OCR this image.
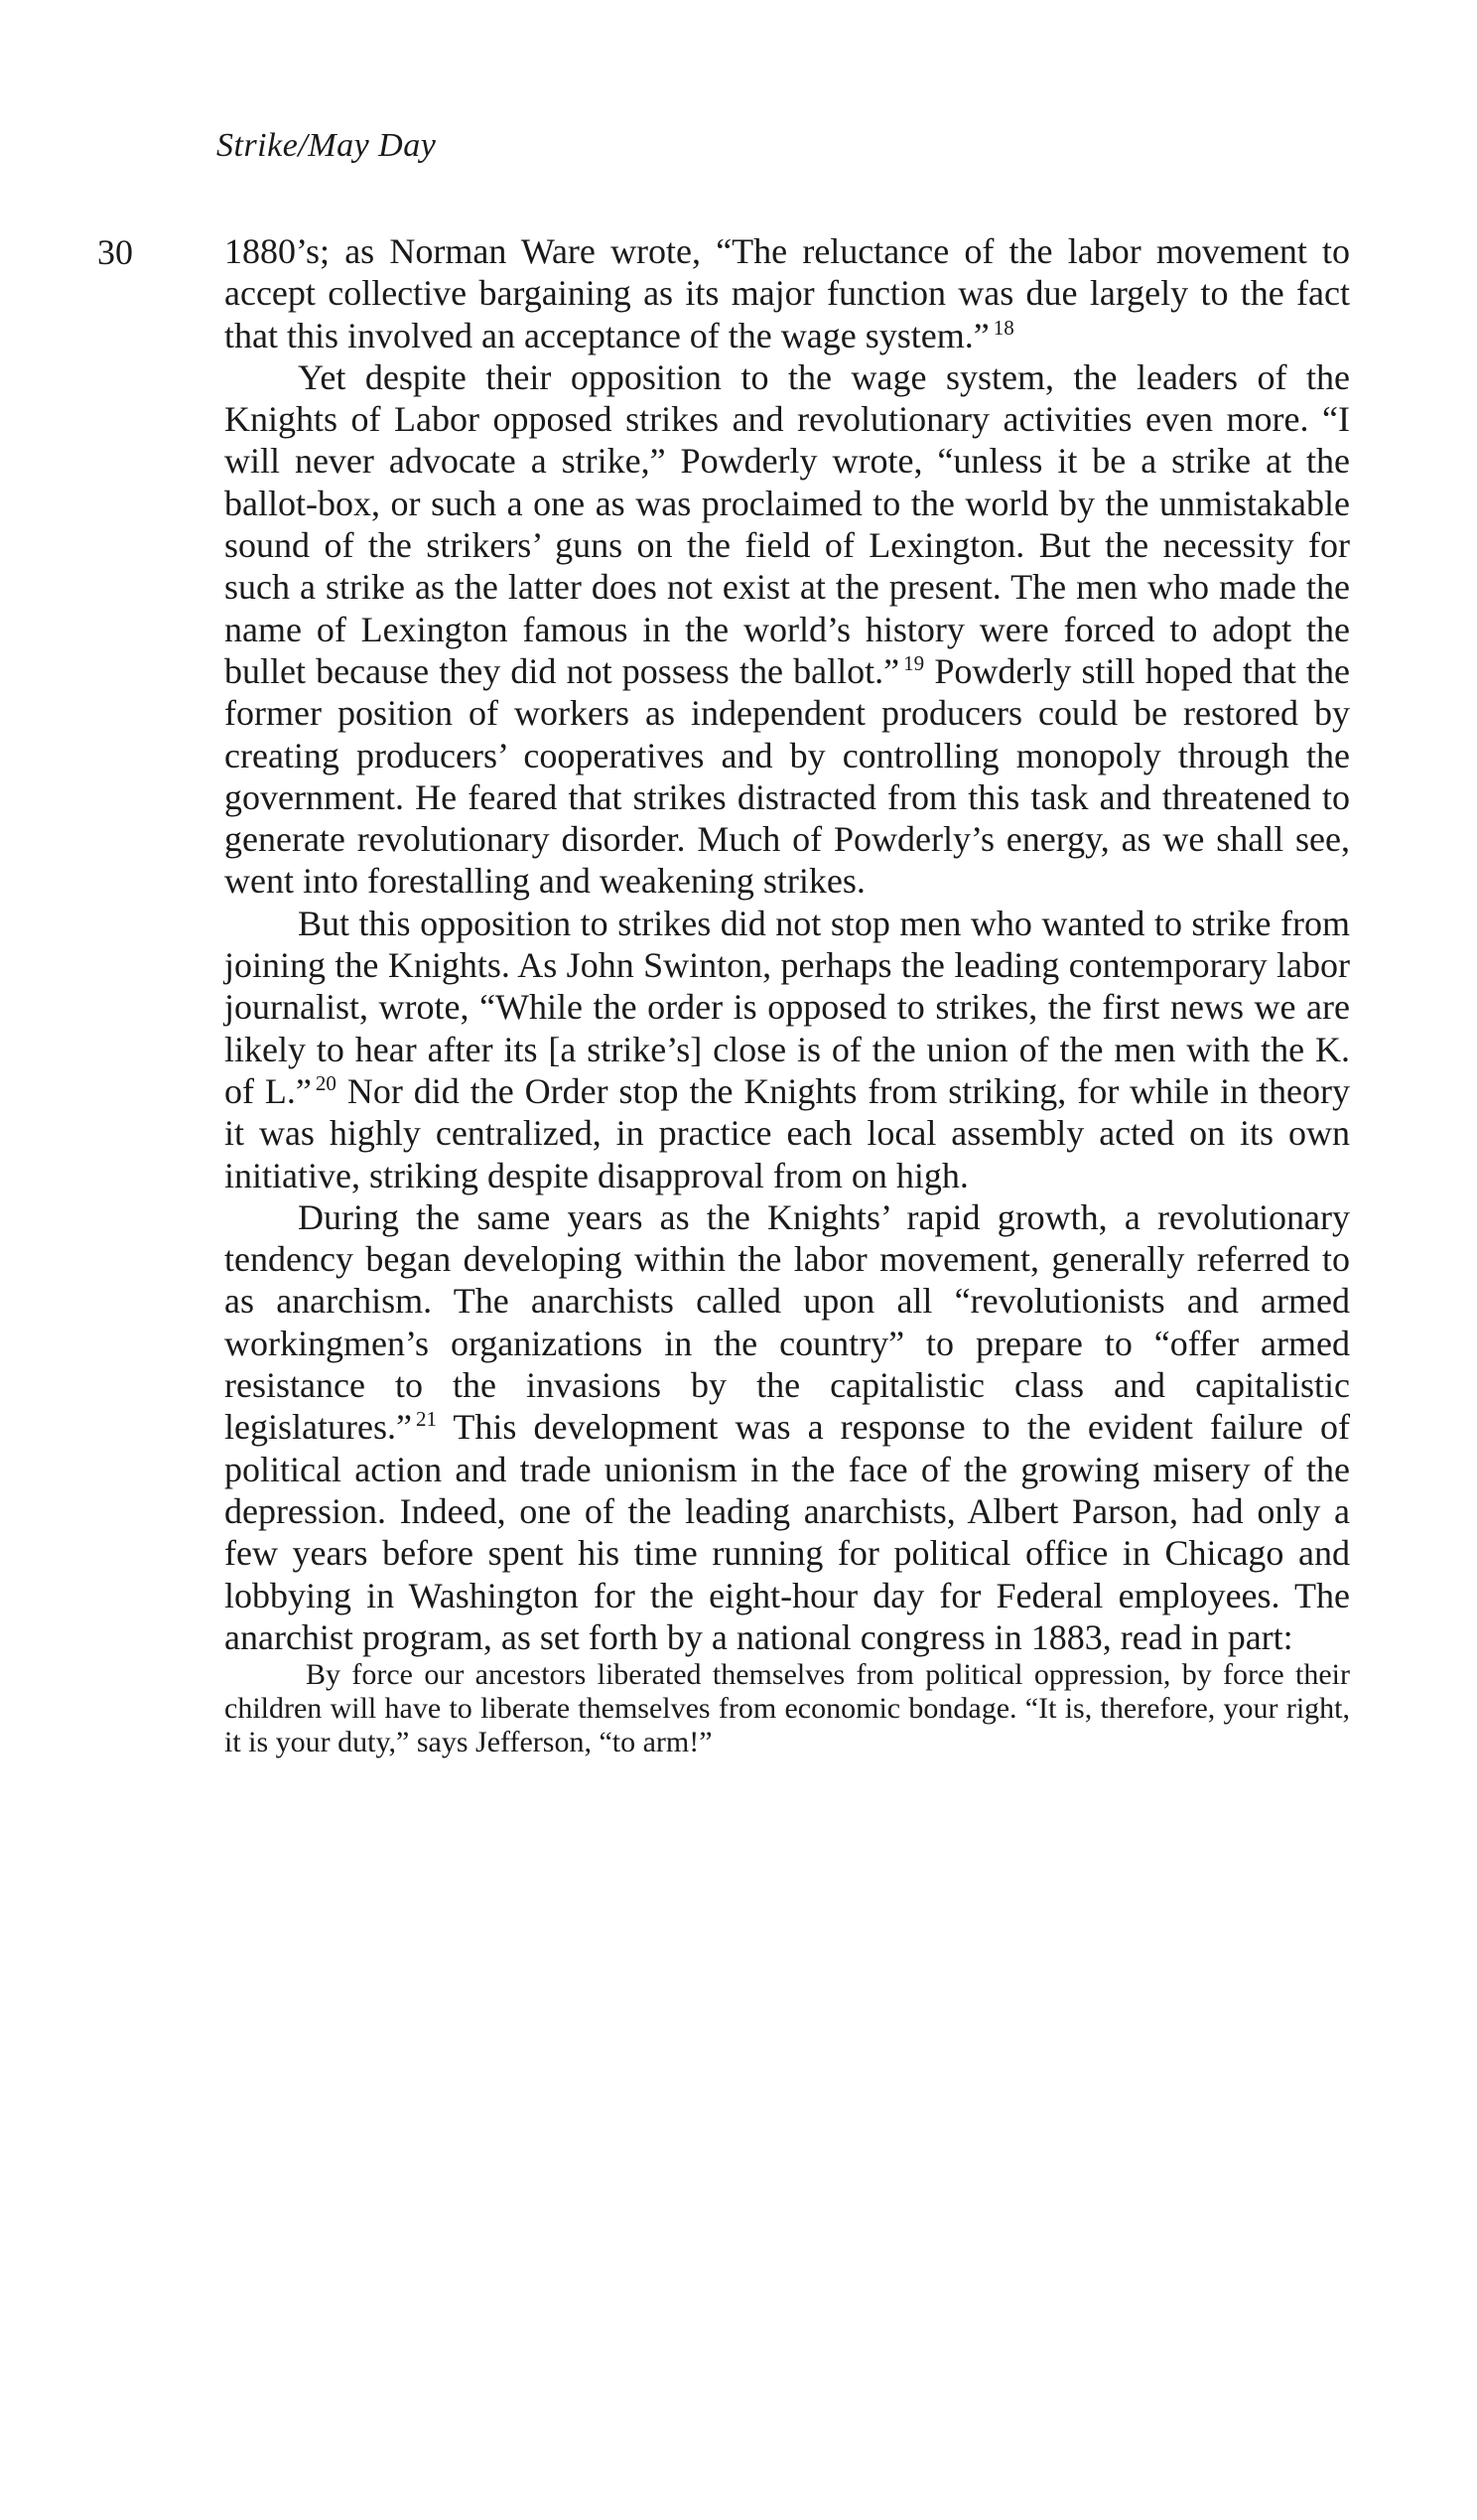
Strike/May Day
30	1880’s; as Norman Ware wrote, “The reluctance of the labor movement to accept collective bargaining as its major function was due largely to the fact that this involved an acceptance of the wage system.” $^{18}$

Yet despite their opposition to the wage system, the leaders of the Knights of Labor opposed strikes and revolutionary activities even more. “I will never advocate a strike,” Powderly wrote, “unless it be a strike at the ballot-box, or such a one as was proclaimed to the world by the unmistakable sound of the strikers’ guns on the field of Lexington. But the necessity for such a strike as the latter does not exist at the present. The men who made the name of Lexington famous in the world’s history were forced to adopt the bullet because they did not possess the ballot.” $^{19}$ Powderly still hoped that the former position of workers as independent producers could be restored by creating producers’ cooperatives and by controlling monopoly through the government. He feared that strikes distracted from this task and threatened to generate revolutionary disorder. Much of Powderly’s energy, as we shall see, went into forestalling and weakening strikes.

But this opposition to strikes did not stop men who wanted to strike from joining the Knights. As John Swinton, perhaps the leading contemporary labor journalist, wrote, “While the order is opposed to strikes, the first news we are likely to hear after its [a strike’s] close is of the union of the men with the K. of L.” $^{20}$ Nor did the Order stop the Knights from striking, for while in theory it was highly centralized, in practice each local assembly acted on its own initiative, striking despite disapproval from on high.

During the same years as the Knights’ rapid growth, a revolutionary tendency began developing within the labor movement, generally referred to as anarchism. The anarchists called upon all “revolutionists and armed workingmen’s organizations in the country” to prepare to “offer armed resistance to the invasions by the capitalistic class and capitalistic legislatures.” $^{21}$ This development was a response to the evident failure of political action and trade unionism in the face of the growing misery of the depression. Indeed, one of the leading anarchists, Albert Parson, had only a few years before spent his time running for political office in Chicago and lobbying in Washington for the eight-hour day for Federal employees. The anarchist program, as set forth by a national congress in 1883, read in part:

By force our ancestors liberated themselves from political oppression, by force their children will have to liberate themselves from economic bondage. “It is, therefore, your right, it is your duty,” says Jefferson, “to arm!”
